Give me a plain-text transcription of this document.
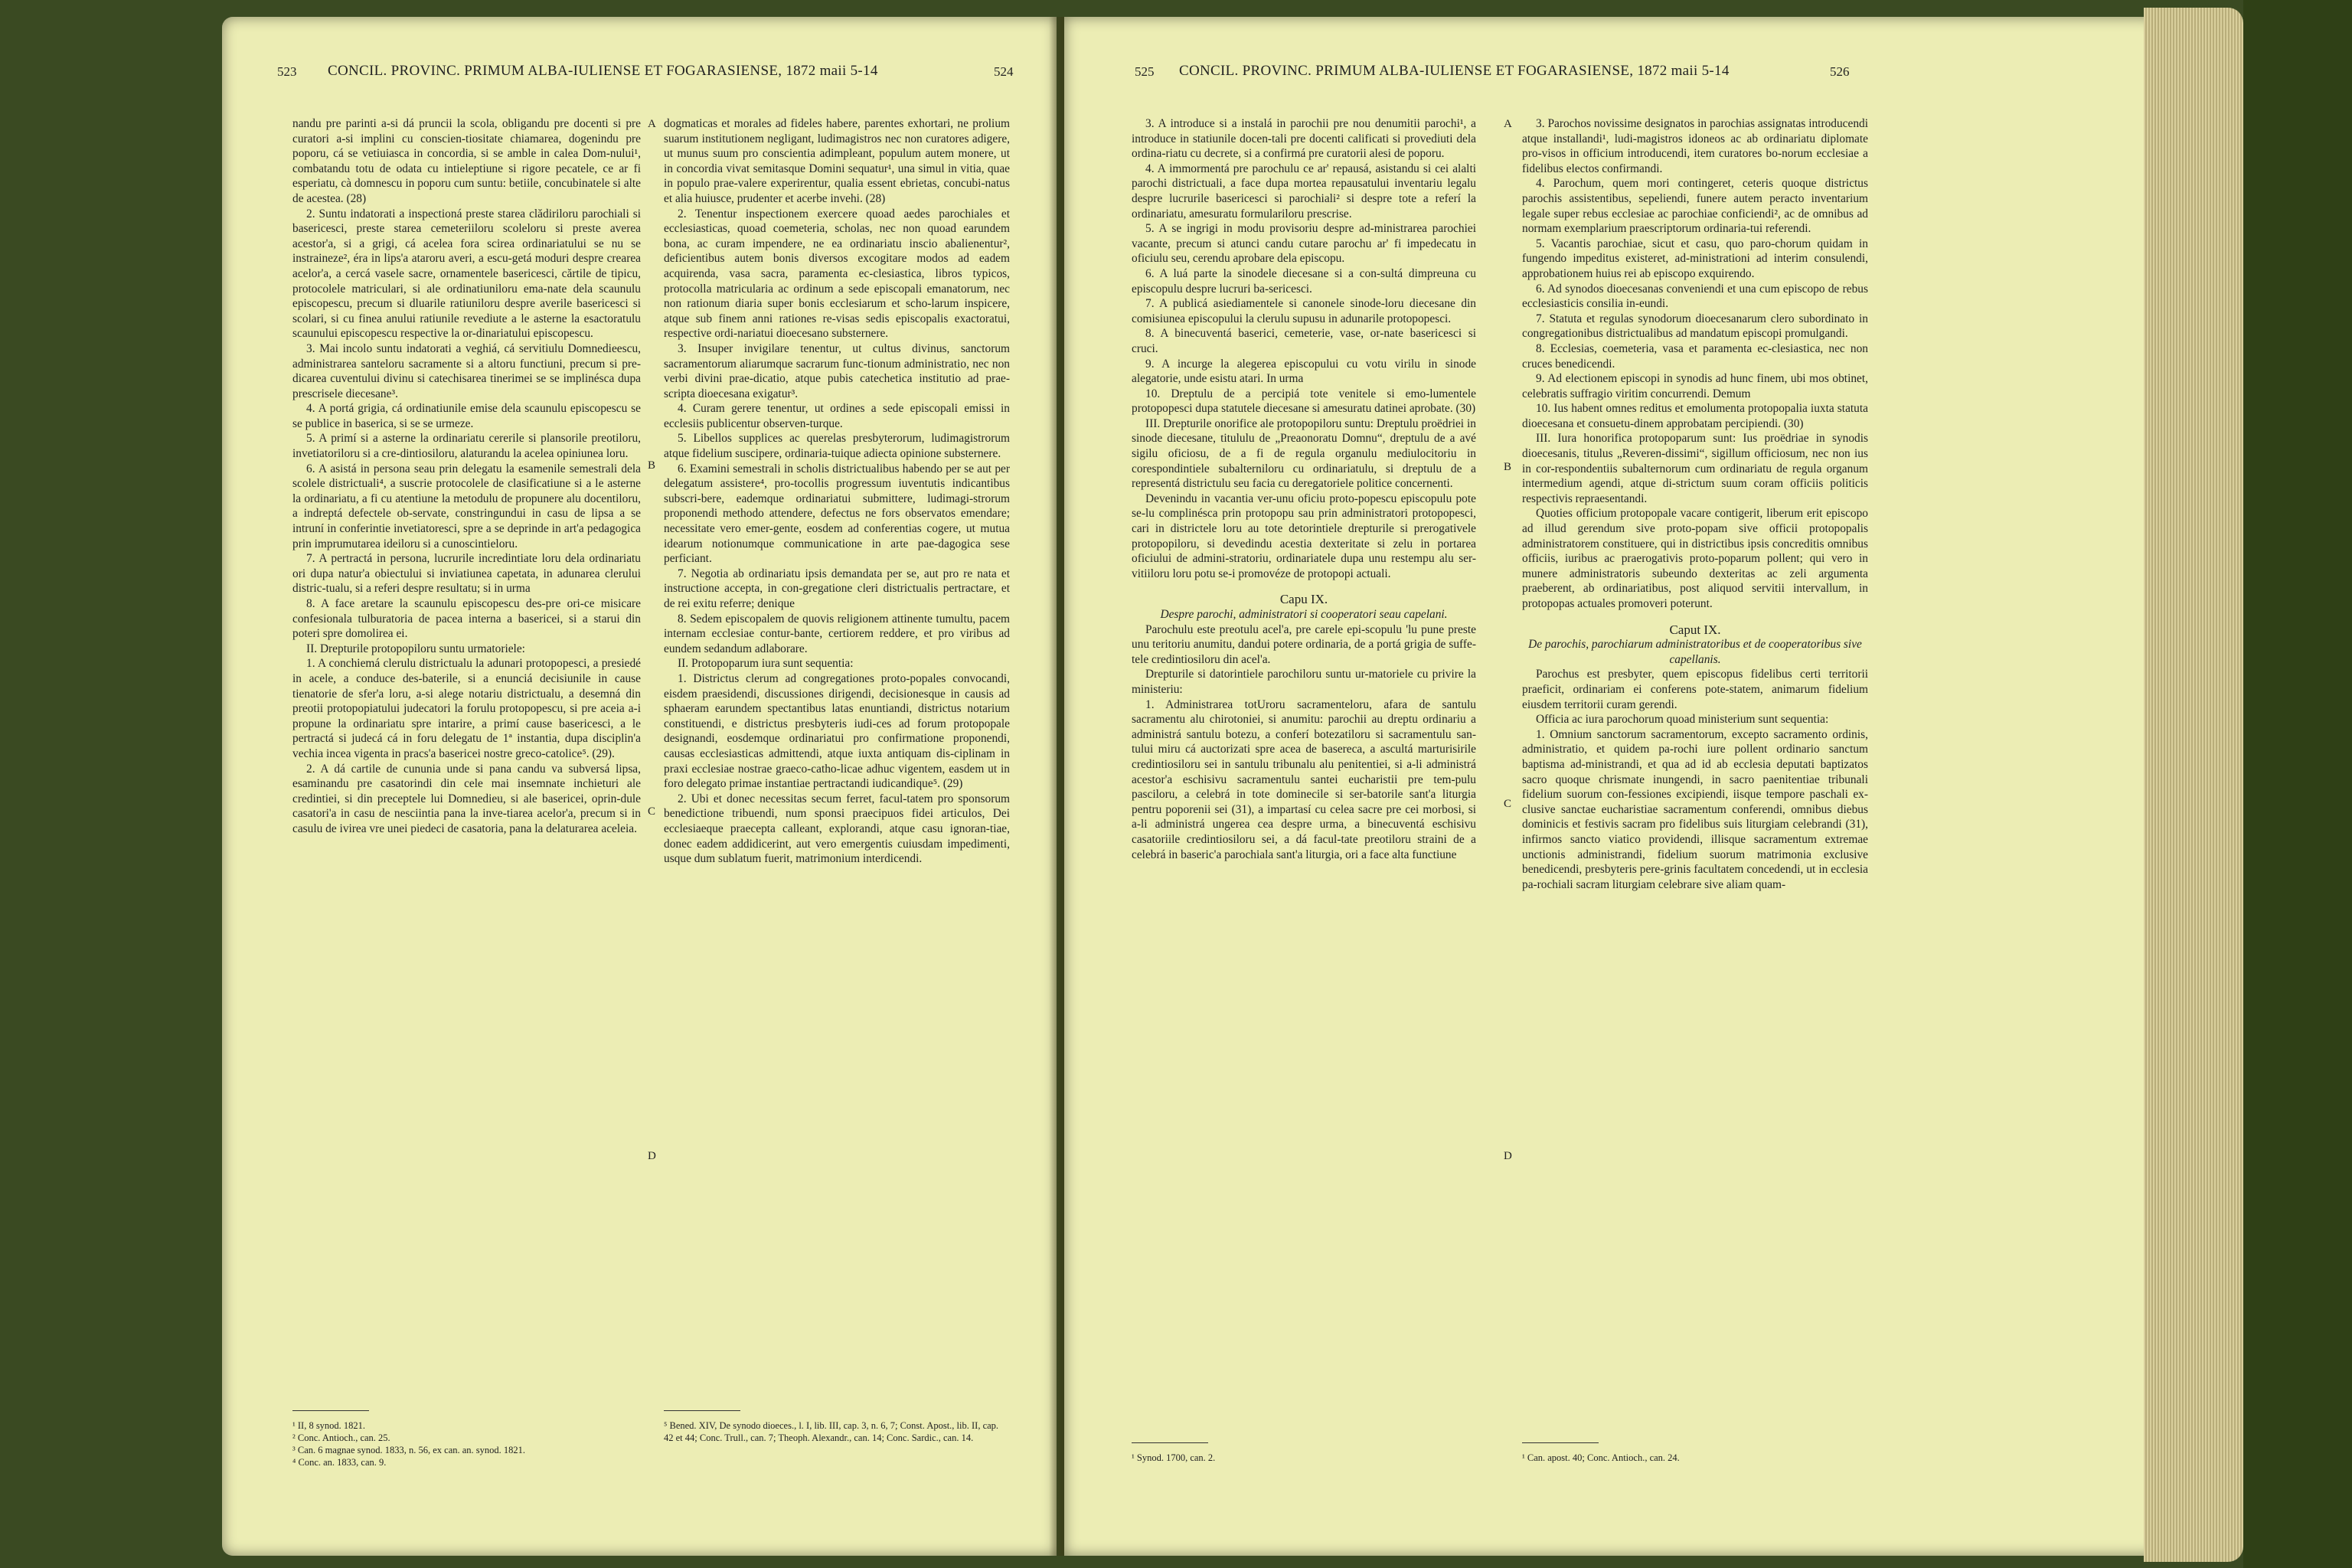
523 CONCIL. PROVINC. PRIMUM ALBA-IULIENSE ET FOGARASIENSE, 1872 maii 5-14	524

nandu pre parinti a-si dá pruncii la scola, obligandu pre docenti si pre curatori a-si implini cu conscien-tiositate chiamarea, dogenindu pre poporu, cá se vetiuiasca in concordia, si se amble in calea Dom-nului¹, combatandu totu de odata cu intieleptiune si rigore pecatele, ce ar fi esperiatu, cà domnescu in poporu cum suntu: betiile, concubinatele si alte de acestea. (28)

2. Suntu indatorati a inspectioná preste starea clădiriloru parochiali si basericesci, preste starea cemeteriiloru scoleloru si preste averea acestor'a, si a grigi, cá acelea fora scirea ordinariatului se nu se instraineze², éra in lips'a ataroru averi, a escu-getá moduri despre crearea acelor'a, a cercá vasele sacre, ornamentele basericesci, cărtile de tipicu, protocolele matriculari, si ale ordinatiuniloru ema-nate dela scaunulu episcopescu, precum si dluarile ratiuniloru despre averile basericesci si scolari, si cu finea anului ratiunile revediute a le asterne la esactoratulu scaunului episcopescu respective la or-dinariatului episcopescu.

3. Mai incolo suntu indatorati a veghiá, cá servitiulu Domnedieescu, administrarea santeloru sacramente si a altoru functiuni, precum si pre-dicarea cuventului divinu si catechisarea tinerimei se se implinésca dupa prescrisele diecesane³.

4. A portá grigia, cá ordinatiunile emise dela scaunulu episcopescu se se publice in baserica, si se se urmeze.

5. A primí si a asterne la ordinariatu cererile si plansorile preotiloru, invetiatoriloru si a cre-dintiosiloru, alaturandu la acelea opiniunea loru.

6. A asistá in persona seau prin delegatu la esamenile semestrali dela scolele districtuali⁴, a suscrie protocolele de clasificatiune si a le asterne la ordinariatu, a fi cu atentiune la metodulu de propunere alu docentiloru, a indreptá defectele ob-servate, constringundui in casu de lipsa a se intruní in conferintie invetiatoresci, spre a se deprinde in art'a pedagogica prin imprumutarea ideiloru si a cunoscintieloru.

7. A pertractá in persona, lucrurile incredintiate loru dela ordinariatu ori dupa natur'a obiectului si inviatiunea capetata, in adunarea clerului distric-tualu, si a referi despre resultatu; si in urma

8. A face aretare la scaunulu episcopescu des-pre ori-ce misicare confesionala tulburatoria de pacea interna a basericei, si a starui din poteri spre domolirea ei.

II. Drepturile protopopiloru suntu urmatoriele:

1. A conchiemá clerulu districtualu la adunari protopopesci, a presiedé in acele, a conduce des-baterile, si a enunciá decisiunile in cause tienatorie de sfer'a loru, a-si alege notariu districtualu, a desemná din preotii protopopiatului judecatori la forulu protopopescu, si pre aceia a-i propune la ordinariatu spre intarire, a primí cause basericesci, a le pertractá si judecá cá in foru delegatu de 1ª instantia, dupa disciplin'a vechia incea vigenta in pracs'a basericei nostre greco-catolice⁵. (29).

2. A dá cartile de cununia unde si pana candu va subversá lipsa, esaminandu pre casatorindi din cele mai insemnate inchieturi ale credintiei, si din preceptele lui Domnedieu, si ale basericei, oprin-dule casatori'a in casu de nesciintia pana la inve-tiarea acelor'a, precum si in casulu de ivirea vre unei piedeci de casatoria, pana la delaturarea aceleia.

dogmaticas et morales ad fideles habere, parentes exhortari, ne prolium suarum institutionem negligant, ludimagistros nec non curatores adigere, ut munus suum pro conscientia adimpleant, populum autem monere, ut in concordia vivat semitasque Domini sequatur¹, una simul in vitia, quae in populo prae-valere experirentur, qualia essent ebrietas, concubi-natus et alia huiusce, prudenter et acerbe invehi. (28)

2. Tenentur inspectionem exercere quoad aedes parochiales et ecclesiasticas, quoad coemeteria, scholas, nec non quoad earundem bona, ac curam impendere, ne ea ordinariatu inscio abalienentur², deficientibus autem bonis diversos excogitare modos ad eadem acquirenda, vasa sacra, paramenta ec-clesiastica, libros typicos, protocolla matricularia ac ordinum a sede episcopali emanatorum, nec non rationum diaria super bonis ecclesiarum et scho-larum inspicere, atque sub finem anni rationes re-visas sedis episcopalis exactoratui, respective ordi-nariatui dioecesano substernere.

3. Insuper invigilare tenentur, ut cultus divinus, sanctorum sacramentorum aliarumque sacrarum func-tionum administratio, nec non verbi divini prae-dicatio, atque pubis catechetica institutio ad prae-scripta dioecesana exigatur³.

4. Curam gerere tenentur, ut ordines a sede episcopali emissi in ecclesiis publicentur observen-turque.

5. Libellos supplices ac querelas presbyterorum, ludimagistrorum atque fidelium suscipere, ordinaria-tuique adiecta opinione substernere.

6. Examini semestrali in scholis districtualibus habendo per se aut per delegatum assistere⁴, pro-tocollis progressum iuventutis indicantibus subscri-bere, eademque ordinariatui submittere, ludimagi-strorum proponendi methodo attendere, defectus ne fors observatos emendare; necessitate vero emer-gente, eosdem ad conferentias cogere, ut mutua idearum notionumque communicatione in arte pae-dagogica sese perficiant.

7. Negotia ab ordinariatu ipsis demandata per se, aut pro re nata et instructione accepta, in con-gregatione cleri districtualis pertractare, et de rei exitu referre; denique

8. Sedem episcopalem de quovis religionem attinente tumultu, pacem internam ecclesiae contur-bante, certiorem reddere, et pro viribus ad eundem sedandum adlaborare.

II. Protopoparum iura sunt sequentia:

1. Districtus clerum ad congregationes proto-popales convocandi, eisdem praesidendi, discussiones dirigendi, decisionesque in causis ad sphaeram earundem spectantibus latas enuntiandi, districtus notarium constituendi, e districtus presbyteris iudi-ces ad forum protopopale designandi, eosdemque ordinariatui pro confirmatione proponendi, causas ecclesiasticas admittendi, atque iuxta antiquam dis-ciplinam in praxi ecclesiae nostrae graeco-catho-licae adhuc vigentem, easdem ut in foro delegato primae instantiae pertractandi iudicandique⁵. (29)

2. Ubi et donec necessitas secum ferret, facul-tatem pro sponsorum benedictione tribuendi, num sponsi praecipuos fidei articulos, Dei ecclesiaeque praecepta calleant, explorandi, atque casu ignoran-tiae, donec eadem addidicerint, aut vero emergentis cuiusdam impedimenti, usque dum sublatum fuerit, matrimonium interdicendi.

A
B
C
D
¹ II, 8 synod. 1821.
² Conc. Antioch., can. 25.
³ Can. 6 magnae synod. 1833, n. 56, ex can. an. synod. 1821.
⁴ Conc. an. 1833, can. 9.
⁵ Bened. XIV, De synodo dioeces., l. I, lib. III, cap. 3, n. 6, 7; Const. Apost., lib. II, cap. 42 et 44; Conc. Trull., can. 7; Theoph. Alexandr., can. 14; Conc. Sardic., can. 14.
525 CONCIL. PROVINC. PRIMUM ALBA-IULIENSE ET FOGARASIENSE, 1872 maii 5-14	526

3. A introduce si a instalá in parochii pre nou denumitii parochi¹, a introduce in statiunile docen-tali pre docenti calificati si provediuti dela ordina-riatu cu decrete, si a confirmá pre curatorii alesi de poporu.

4. A immormentá pre parochulu ce ar' repausá, asistandu si cei alalti parochi districtuali, a face dupa mortea repausatului inventariu legalu despre lucrurile basericesci si parochiali² si despre tote a referí la ordinariatu, amesuratu formulariloru prescrise.

5. A se ingrigi in modu provisoriu despre ad-ministrarea parochiei vacante, precum si atunci candu cutare parochu ar' fi impedecatu in oficiulu seu, cerendu aprobare dela episcopu.

6. A luá parte la sinodele diecesane si a con-sultá dimpreuna cu episcopulu despre lucruri ba-sericesci.

7. A publicá asiediamentele si canonele sinode-loru diecesane din comisiunea episcopului la clerulu supusu in adunarile protopopesci.

8. A binecuventá baserici, cemeterie, vase, or-nate basericesci si cruci.

9. A incurge la alegerea episcopului cu votu virilu in sinode alegatorie, unde esistu atari. In urma

10. Dreptulu de a percipiá tote venitele si emo-lumentele protopopesci dupa statutele diecesane si amesuratu datinei aprobate. (30)

III. Drepturile onorifice ale protopopiloru suntu: Dreptulu proëdriei in sinode diecesane, titululu de „Preaonoratu Domnu“, dreptulu de a avé sigilu oficiosu, de a fi de regula organulu mediulocitoriu in corespondintiele subalterniloru cu ordinariatulu, si dreptulu de a representá districtulu seu facia cu deregatoriele politice concernenti.

Devenindu in vacantia ver-unu oficiu proto-popescu episcopulu pote se-lu complinésca prin protopopu sau prin administratori protopopesci, cari in districtele loru au tote detorintiele drepturile si prerogativele protopopiloru, si devedindu acestia dexteritate si zelu in portarea oficiului de admini-stratoriu, ordinariatele dupa unu restempu alu ser-vitiiloru loru potu se-i promovéze de protopopi actuali.

Capu IX.

Despre parochi, administratori si cooperatori seau capelani.

Parochulu este preotulu acel'a, pre carele epi-scopulu 'lu pune preste unu teritoriu anumitu, dandui potere ordinaria, de a portá grigia de suffe-tele credintiosiloru din acel'a.

Drepturile si datorintiele parochiloru suntu ur-matoriele cu privire la ministeriu:

1. Administrarea totUroru sacramenteloru, afara de santulu sacramentu alu chirotoniei, si anumitu: parochii au dreptu ordinariu a administrá santulu botezu, a conferí botezatiloru si sacramentulu san-tului miru cá auctorizati spre acea de basereca, a ascultá marturisirile credintiosiloru sei in santulu tribunalu alu penitentiei, si a-li administrá acestor'a eschisivu sacramentulu santei eucharistii pre tem-pulu pasciloru, a celebrá in tote dominecile si ser-batorile sant'a liturgia pentru poporenii sei (31), a impartasí cu celea sacre pre cei morbosi, si a-li administrá ungerea cea despre urma, a binecuventá eschisivu casatoriile credintiosiloru sei, a dá facul-tate preotiloru straini de a celebrá in baseric'a parochiala sant'a liturgia, ori a face alta functiune

3. Parochos novissime designatos in parochias assignatas introducendi atque installandi¹, ludi-magistros idoneos ac ab ordinariatu diplomate pro-visos in officium introducendi, item curatores bo-norum ecclesiae a fidelibus electos confirmandi.

4. Parochum, quem mori contingeret, ceteris quoque districtus parochis assistentibus, sepeliendi, funere autem peracto inventarium legale super rebus ecclesiae ac parochiae conficiendi², ac de omnibus ad normam exemplarium praescriptorum ordinaria-tui referendi.

5. Vacantis parochiae, sicut et casu, quo paro-chorum quidam in fungendo impeditus existeret, ad-ministrationi ad interim consulendi, approbationem huius rei ab episcopo exquirendo.

6. Ad synodos dioecesanas conveniendi et una cum episcopo de rebus ecclesiasticis consilia in-eundi.

7. Statuta et regulas synodorum dioecesanarum clero subordinato in congregationibus districtualibus ad mandatum episcopi promulgandi.

8. Ecclesias, coemeteria, vasa et paramenta ec-clesiastica, nec non cruces benedicendi.

9. Ad electionem episcopi in synodis ad hunc finem, ubi mos obtinet, celebratis suffragio viritim concurrendi. Demum

10. Ius habent omnes reditus et emolumenta protopopalia iuxta statuta dioecesana et consuetu-dinem approbatam percipiendi. (30)

III. Iura honorifica protopoparum sunt: Ius proëdriae in synodis dioecesanis, titulus „Reveren-dissimi“, sigillum officiosum, nec non ius in cor-respondentiis subalternorum cum ordinariatu de regula organum intermedium agendi, atque di-strictum suum coram officiis politicis respectivis repraesentandi.

Quoties officium protopopale vacare contigerit, liberum erit episcopo ad illud gerendum sive proto-popam sive officii protopopalis administratorem constituere, qui in districtibus ipsis concreditis omnibus officiis, iuribus ac praerogativis proto-poparum pollent; qui vero in munere administratoris subeundo dexteritas ac zeli argumenta praeberent, ab ordinariatibus, post aliquod servitii intervallum, in protopopas actuales promoveri poterunt.

Caput IX.

De parochis, parochiarum administratoribus et de cooperatoribus sive capellanis.

Parochus est presbyter, quem episcopus fidelibus certi territorii praeficit, ordinariam ei conferens pote-statem, animarum fidelium eiusdem territorii curam gerendi.

Officia ac iura parochorum quoad ministerium sunt sequentia:

1. Omnium sanctorum sacramentorum, excepto sacramento ordinis, administratio, et quidem pa-rochi iure pollent ordinario sanctum baptisma ad-ministrandi, et qua ad id ab ecclesia deputati baptizatos sacro quoque chrismate inungendi, in sacro paenitentiae tribunali fidelium suorum con-fessiones excipiendi, iisque tempore paschali ex-clusive sanctae eucharistiae sacramentum conferendi, omnibus diebus dominicis et festivis sacram pro fidelibus suis liturgiam celebrandi (31), infirmos sancto viatico providendi, illisque sacramentum extremae unctionis administrandi, fidelium suorum matrimonia exclusive benedicendi, presbyteris pere-grinis facultatem concedendi, ut in ecclesia pa-rochiali sacram liturgiam celebrare sive aliam quam-

A
B
C
D
¹ Synod. 1700, can. 2.	¹ Can. apost. 40; Conc. Antioch., can. 24.
